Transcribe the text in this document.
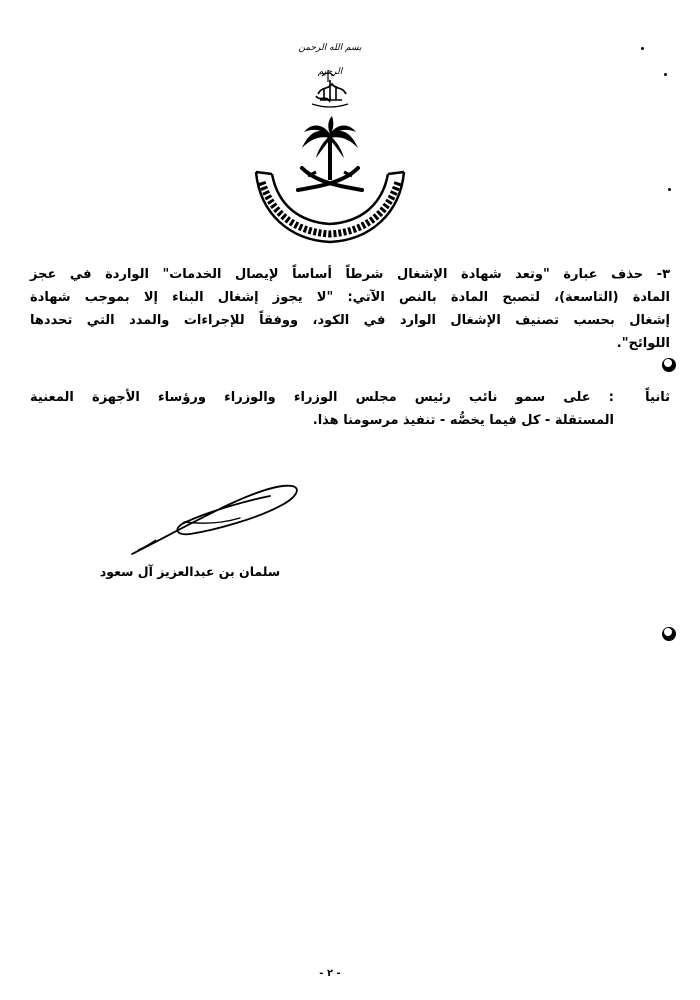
بسم الله الرحمن الرحيم
٣- حذف عبارة "وتعد شهادة الإشغال شرطاً أساساً لإيصال الخدمات" الواردة في عجز
المادة (التاسعة)، لتصبح المادة بالنص الآتي: "لا يجوز إشغال البناء إلا بموجب شهادة
إشغال بحسب تصنيف الإشغال الوارد في الكود، ووفقاً للإجراءات والمدد التي تحددها
اللوائح".
ثانياً
: على سمو نائب رئيس مجلس الوزراء والوزراء ورؤساء الأجهزة المعنية
المستقلة - كل فيما يخصُّه - تنفيذ مرسومنا هذا.
سلمان بن عبدالعزيز آل سعود
- ٢ -
